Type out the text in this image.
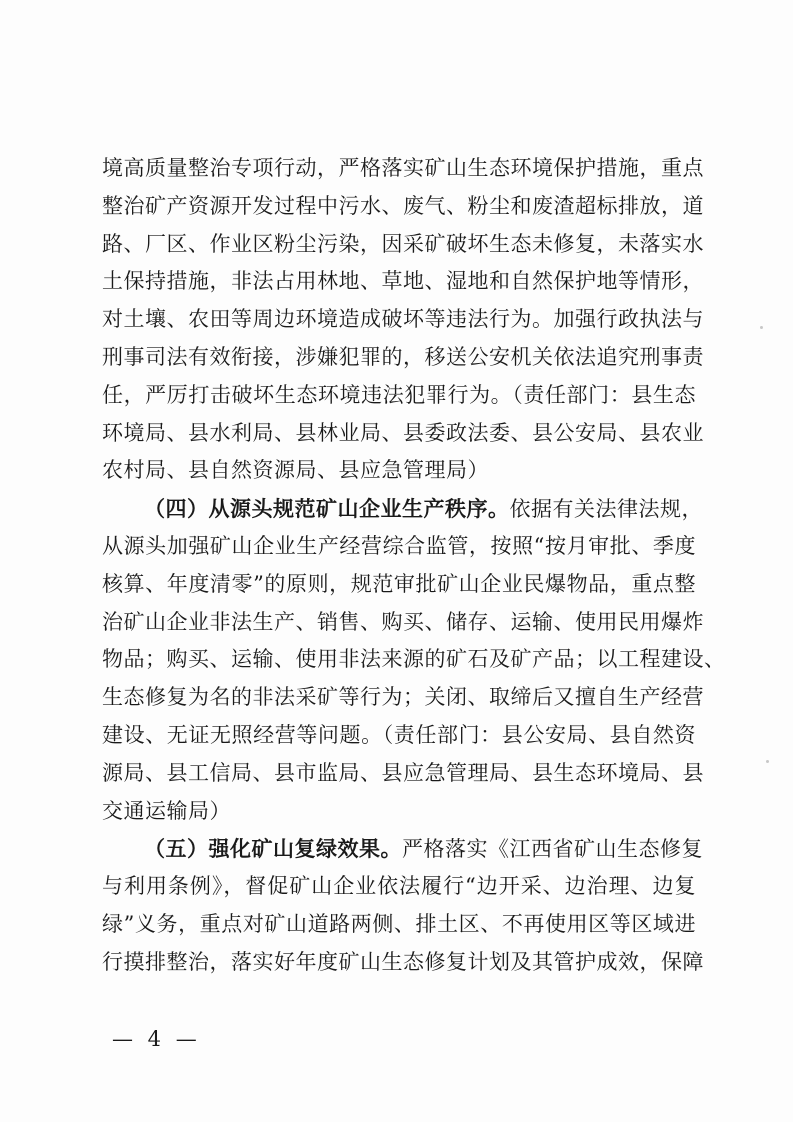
境高质量整治专项行动，严格落实矿山生态环境保护措施，重点
整治矿产资源开发过程中污水、废气、粉尘和废渣超标排放，道
路、厂区、作业区粉尘污染，因采矿破坏生态未修复，未落实水
土保持措施，非法占用林地、草地、湿地和自然保护地等情形，
对土壤、农田等周边环境造成破坏等违法行为。加强行政执法与
刑事司法有效衔接，涉嫌犯罪的，移送公安机关依法追究刑事责
任，严厉打击破坏生态环境违法犯罪行为。（责任部门：县生态
环境局、县水利局、县林业局、县委政法委、县公安局、县农业
农村局、县自然资源局、县应急管理局）
（四）从源头规范矿山企业生产秩序。依据有关法律法规，
从源头加强矿山企业生产经营综合监管，按照“按月审批、季度
核算、年度清零”的原则，规范审批矿山企业民爆物品，重点整
治矿山企业非法生产、销售、购买、储存、运输、使用民用爆炸
物品；购买、运输、使用非法来源的矿石及矿产品；以工程建设、
生态修复为名的非法采矿等行为；关闭、取缔后又擅自生产经营
建设、无证无照经营等问题。（责任部门：县公安局、县自然资
源局、县工信局、县市监局、县应急管理局、县生态环境局、县
交通运输局）
（五）强化矿山复绿效果。严格落实《江西省矿山生态修复
与利用条例》，督促矿山企业依法履行“边开采、边治理、边复
绿”义务，重点对矿山道路两侧、排土区、不再使用区等区域进
行摸排整治，落实好年度矿山生态修复计划及其管护成效，保障
— 4 —
